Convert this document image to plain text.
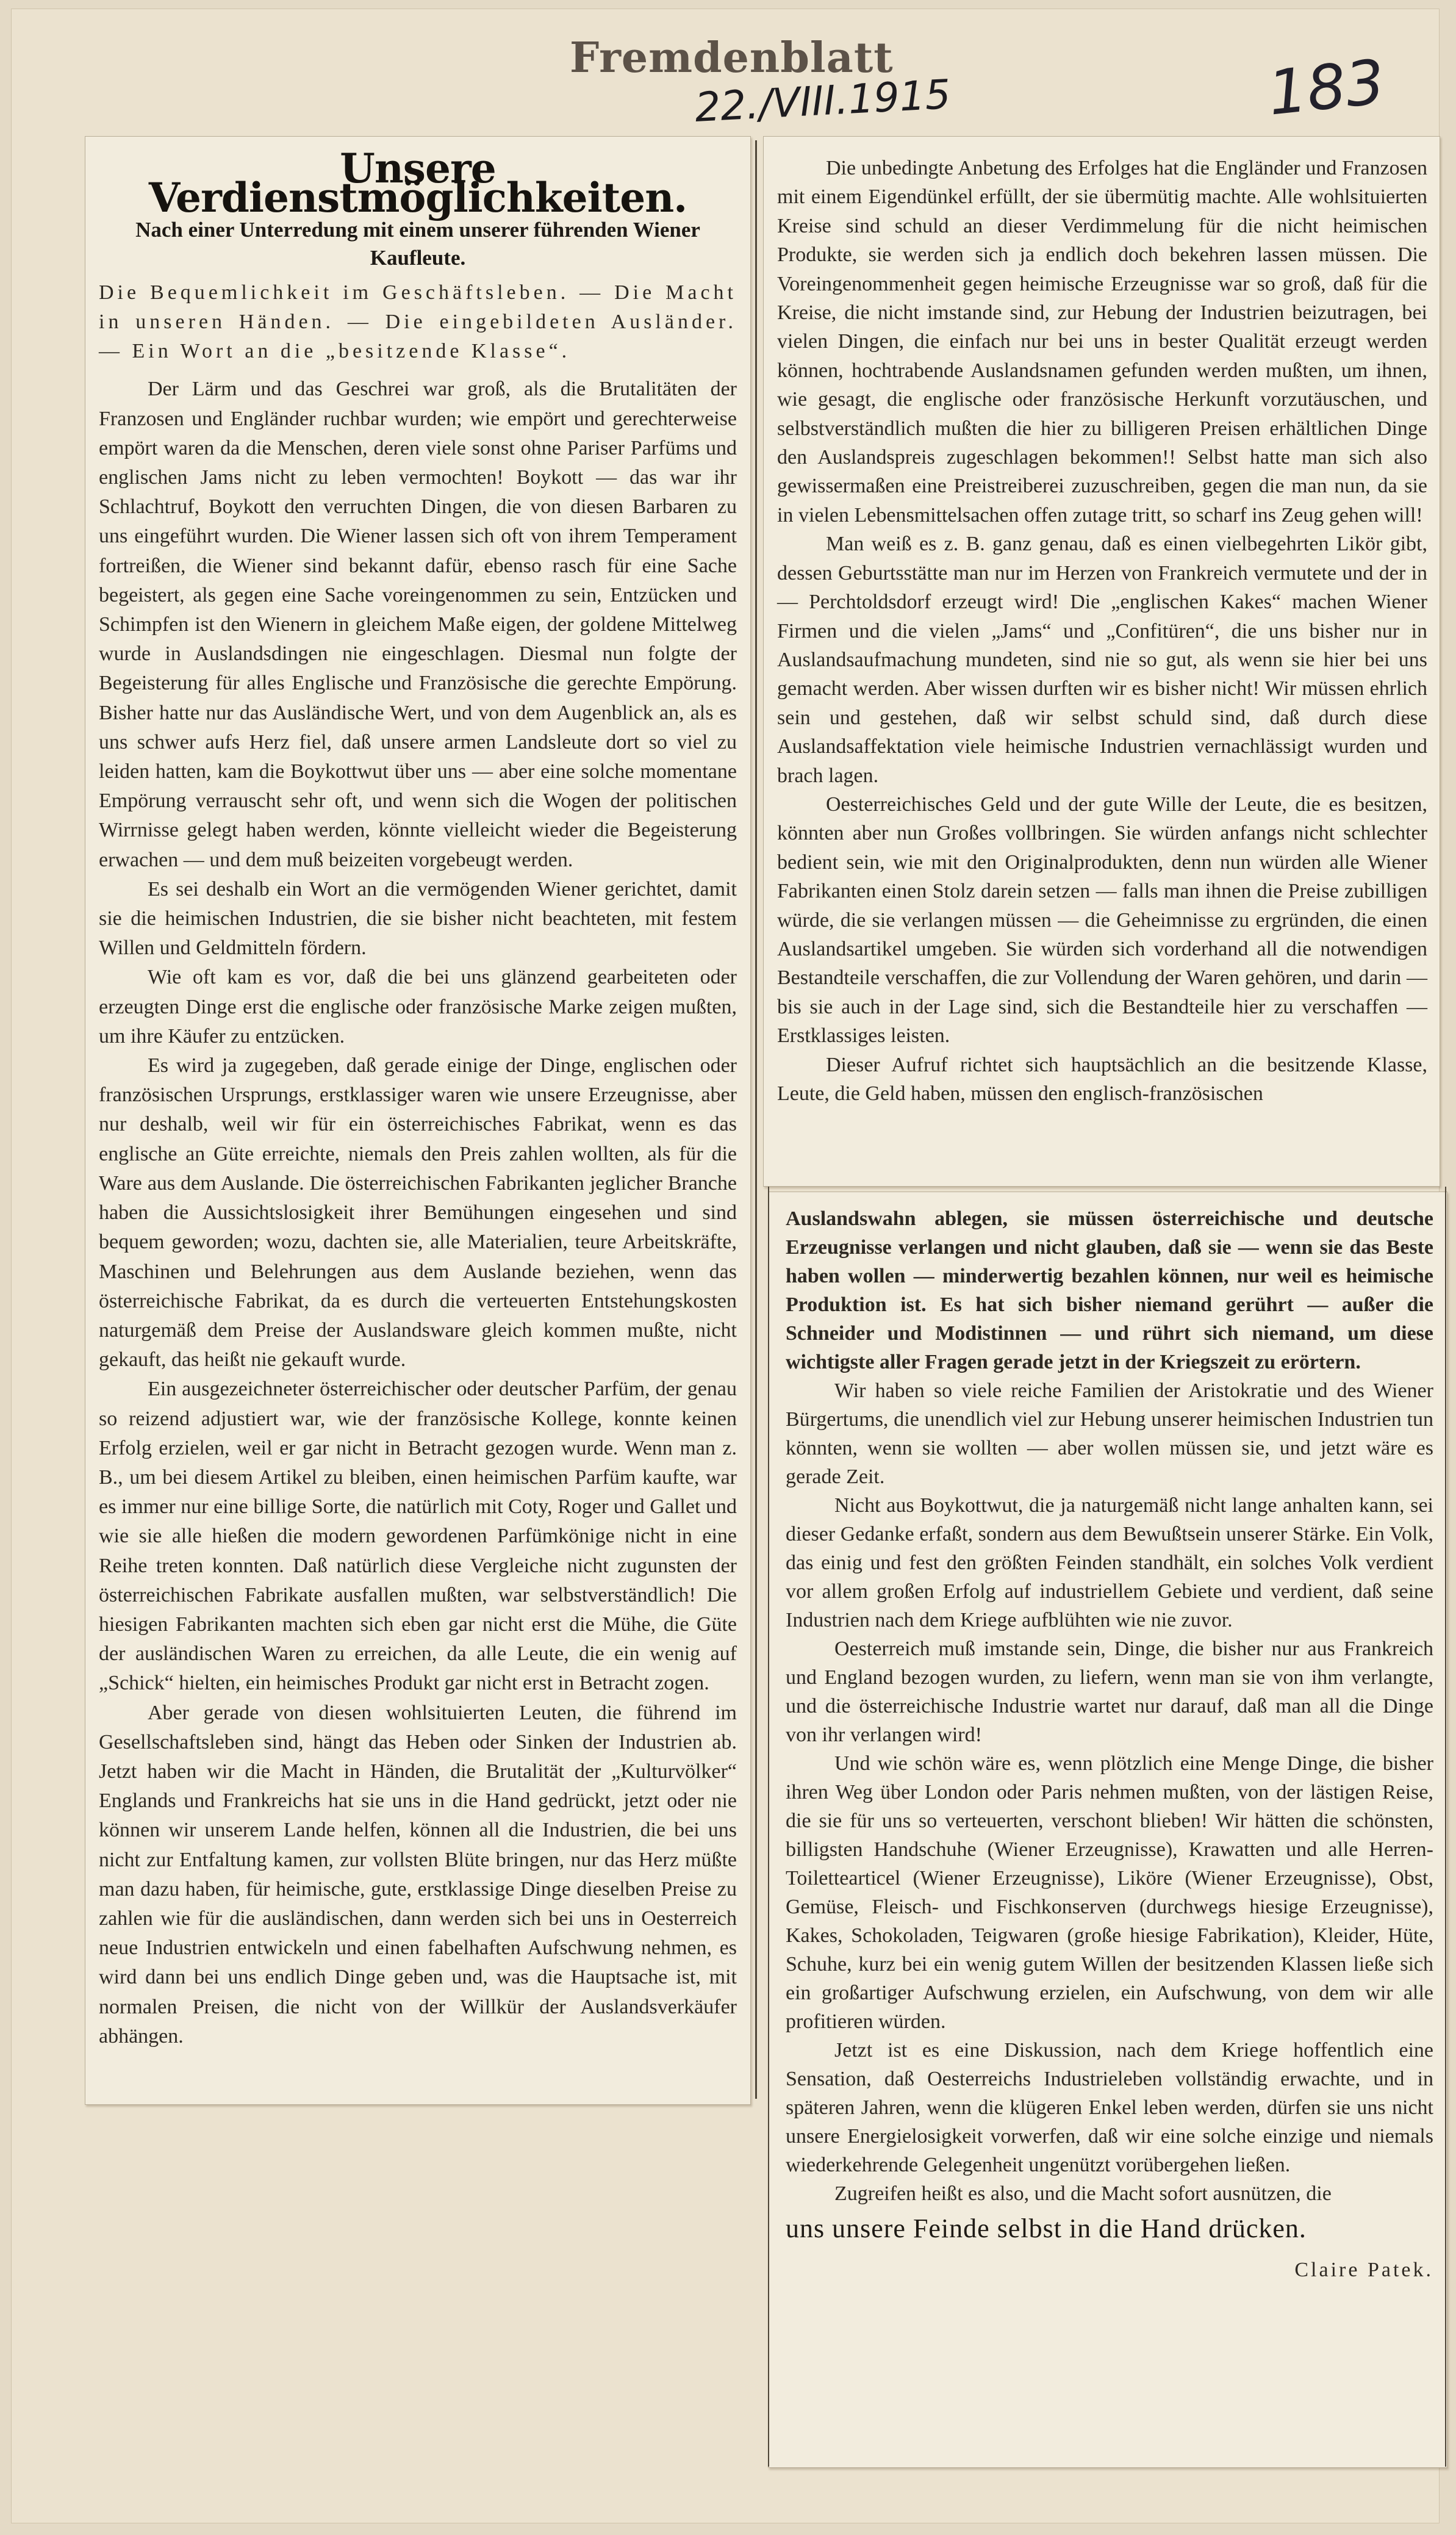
Fremdenblatt
22./VIII.1915	183
Unsere Verdienstmöglichkeiten.
Nach einer Unterredung mit einem unserer führenden Wiener Kaufleute.
Die Bequemlichkeit im Geschäftsleben. — Die Macht in unseren Händen. — Die eingebildeten Ausländer. — Ein Wort an die „besitzende Klasse“.

Der Lärm und das Geschrei war groß, als die Brutalitäten der Franzosen und Engländer ruchbar wurden; wie empört und gerechterweise empört waren da die Menschen, deren viele sonst ohne Pariser Parfüms und englischen Jams nicht zu leben vermochten! Boykott — das war ihr Schlachtruf, Boykott den verruchten Dingen, die von diesen Barbaren zu uns eingeführt wurden. Die Wiener lassen sich oft von ihrem Temperament fortreißen, die Wiener sind bekannt dafür, ebenso rasch für eine Sache begeistert, als gegen eine Sache voreingenommen zu sein, Entzücken und Schimpfen ist den Wienern in gleichem Maße eigen, der goldene Mittelweg wurde in Auslandsdingen nie eingeschlagen. Diesmal nun folgte der Begeisterung für alles Englische und Französische die gerechte Empörung. Bisher hatte nur das Ausländische Wert, und von dem Augenblick an, als es uns schwer aufs Herz fiel, daß unsere armen Landsleute dort so viel zu leiden hatten, kam die Boykottwut über uns — aber eine solche momentane Empörung verrauscht sehr oft, und wenn sich die Wogen der politischen Wirrnisse gelegt haben werden, könnte vielleicht wieder die Begeisterung erwachen — und dem muß beizeiten vorgebeugt werden.

Es sei deshalb ein Wort an die vermögenden Wiener gerichtet, damit sie die heimischen Industrien, die sie bisher nicht beachteten, mit festem Willen und Geldmitteln fördern.

Wie oft kam es vor, daß die bei uns glänzend gearbeiteten oder erzeugten Dinge erst die englische oder französische Marke zeigen mußten, um ihre Käufer zu entzücken.

Es wird ja zugegeben, daß gerade einige der Dinge, englischen oder französischen Ursprungs, erstklassiger waren wie unsere Erzeugnisse, aber nur deshalb, weil wir für ein österreichisches Fabrikat, wenn es das englische an Güte erreichte, niemals den Preis zahlen wollten, als für die Ware aus dem Auslande. Die österreichischen Fabrikanten jeglicher Branche haben die Aussichtslosigkeit ihrer Bemühungen eingesehen und sind bequem geworden; wozu, dachten sie, alle Materialien, teure Arbeitskräfte, Maschinen und Belehrungen aus dem Auslande beziehen, wenn das österreichische Fabrikat, da es durch die verteuerten Entstehungskosten naturgemäß dem Preise der Auslandsware gleich kommen mußte, nicht gekauft, das heißt nie gekauft wurde.

Ein ausgezeichneter österreichischer oder deutscher Parfüm, der genau so reizend adjustiert war, wie der französische Kollege, konnte keinen Erfolg erzielen, weil er gar nicht in Betracht gezogen wurde. Wenn man z. B., um bei diesem Artikel zu bleiben, einen heimischen Parfüm kaufte, war es immer nur eine billige Sorte, die natürlich mit Coty, Roger und Gallet und wie sie alle hießen die modern gewordenen Parfümkönige nicht in eine Reihe treten konnten. Daß natürlich diese Vergleiche nicht zugunsten der österreichischen Fabrikate ausfallen mußten, war selbstverständlich! Die hiesigen Fabrikanten machten sich eben gar nicht erst die Mühe, die Güte der ausländischen Waren zu erreichen, da alle Leute, die ein wenig auf „Schick“ hielten, ein heimisches Produkt gar nicht erst in Betracht zogen.

Aber gerade von diesen wohlsituierten Leuten, die führend im Gesellschaftsleben sind, hängt das Heben oder Sinken der Industrien ab. Jetzt haben wir die Macht in Händen, die Brutalität der „Kulturvölker“ Englands und Frankreichs hat sie uns in die Hand gedrückt, jetzt oder nie können wir unserem Lande helfen, können all die Industrien, die bei uns nicht zur Entfaltung kamen, zur vollsten Blüte bringen, nur das Herz müßte man dazu haben, für heimische, gute, erstklassige Dinge dieselben Preise zu zahlen wie für die ausländischen, dann werden sich bei uns in Oesterreich neue Industrien entwickeln und einen fabelhaften Aufschwung nehmen, es wird dann bei uns endlich Dinge geben und, was die Hauptsache ist, mit normalen Preisen, die nicht von der Willkür der Auslandsverkäufer abhängen.

Die unbedingte Anbetung des Erfolges hat die Engländer und Franzosen mit einem Eigendünkel erfüllt, der sie übermütig machte. Alle wohlsituierten Kreise sind schuld an dieser Verdimmelung für die nicht heimischen Produkte, sie werden sich ja endlich doch bekehren lassen müssen. Die Voreingenommenheit gegen heimische Erzeugnisse war so groß, daß für die Kreise, die nicht imstande sind, zur Hebung der Industrien beizutragen, bei vielen Dingen, die einfach nur bei uns in bester Qualität erzeugt werden können, hochtrabende Auslandsnamen gefunden werden mußten, um ihnen, wie gesagt, die englische oder französische Herkunft vorzutäuschen, und selbstverständlich mußten die hier zu billigeren Preisen erhältlichen Dinge den Auslandspreis zugeschlagen bekommen!! Selbst hatte man sich also gewissermaßen eine Preistreiberei zuzuschreiben, gegen die man nun, da sie in vielen Lebensmittelsachen offen zutage tritt, so scharf ins Zeug gehen will!

Man weiß es z. B. ganz genau, daß es einen vielbegehrten Likör gibt, dessen Geburtsstätte man nur im Herzen von Frankreich vermutete und der in — Perchtoldsdorf erzeugt wird! Die „englischen Kakes“ machen Wiener Firmen und die vielen „Jams“ und „Confitüren“, die uns bisher nur in Auslandsaufmachung mundeten, sind nie so gut, als wenn sie hier bei uns gemacht werden. Aber wissen durften wir es bisher nicht! Wir müssen ehrlich sein und gestehen, daß wir selbst schuld sind, daß durch diese Auslandsaffektation viele heimische Industrien vernachlässigt wurden und brach lagen.

Oesterreichisches Geld und der gute Wille der Leute, die es besitzen, könnten aber nun Großes vollbringen. Sie würden anfangs nicht schlechter bedient sein, wie mit den Originalprodukten, denn nun würden alle Wiener Fabrikanten einen Stolz darein setzen — falls man ihnen die Preise zubilligen würde, die sie verlangen müssen — die Geheimnisse zu ergründen, die einen Auslandsartikel umgeben. Sie würden sich vorderhand all die notwendigen Bestandteile verschaffen, die zur Vollendung der Waren gehören, und darin — bis sie auch in der Lage sind, sich die Bestandteile hier zu verschaffen — Erstklassiges leisten.

Dieser Aufruf richtet sich hauptsächlich an die besitzende Klasse, Leute, die Geld haben, müssen den englisch-französischen

Auslandswahn ablegen, sie müssen österreichische und deutsche Erzeugnisse verlangen und nicht glauben, daß sie — wenn sie das Beste haben wollen — minderwertig bezahlen können, nur weil es heimische Produktion ist. Es hat sich bisher niemand gerührt — außer die Schneider und Modistinnen — und rührt sich niemand, um diese wichtigste aller Fragen gerade jetzt in der Kriegszeit zu erörtern.

Wir haben so viele reiche Familien der Aristokratie und des Wiener Bürgertums, die unendlich viel zur Hebung unserer heimischen Industrien tun könnten, wenn sie wollten — aber wollen müssen sie, und jetzt wäre es gerade Zeit.

Nicht aus Boykottwut, die ja naturgemäß nicht lange anhalten kann, sei dieser Gedanke erfaßt, sondern aus dem Bewußtsein unserer Stärke. Ein Volk, das einig und fest den größten Feinden standhält, ein solches Volk verdient vor allem großen Erfolg auf industriellem Gebiete und verdient, daß seine Industrien nach dem Kriege aufblühten wie nie zuvor.

Oesterreich muß imstande sein, Dinge, die bisher nur aus Frankreich und England bezogen wurden, zu liefern, wenn man sie von ihm verlangte, und die österreichische Industrie wartet nur darauf, daß man all die Dinge von ihr verlangen wird!

Und wie schön wäre es, wenn plötzlich eine Menge Dinge, die bisher ihren Weg über London oder Paris nehmen mußten, von der lästigen Reise, die sie für uns so verteuerten, verschont blieben! Wir hätten die schönsten, billigsten Handschuhe (Wiener Erzeugnisse), Krawatten und alle Herren-Toilettearticel (Wiener Erzeugnisse), Liköre (Wiener Erzeugnisse), Obst, Gemüse, Fleisch- und Fischkonserven (durchwegs hiesige Erzeugnisse), Kakes, Schokoladen, Teigwaren (große hiesige Fabrikation), Kleider, Hüte, Schuhe, kurz bei ein wenig gutem Willen der besitzenden Klassen ließe sich ein großartiger Aufschwung erzielen, ein Aufschwung, von dem wir alle profitieren würden.

Jetzt ist es eine Diskussion, nach dem Kriege hoffentlich eine Sensation, daß Oesterreichs Industrieleben vollständig erwachte, und in späteren Jahren, wenn die klügeren Enkel leben werden, dürfen sie uns nicht unsere Energielosigkeit vorwerfen, daß wir eine solche einzige und niemals wiederkehrende Gelegenheit ungenützt vorübergehen ließen.

Zugreifen heißt es also, und die Macht sofort ausnützen, die

uns unsere Feinde selbst in die Hand drücken.
Claire Patek.
